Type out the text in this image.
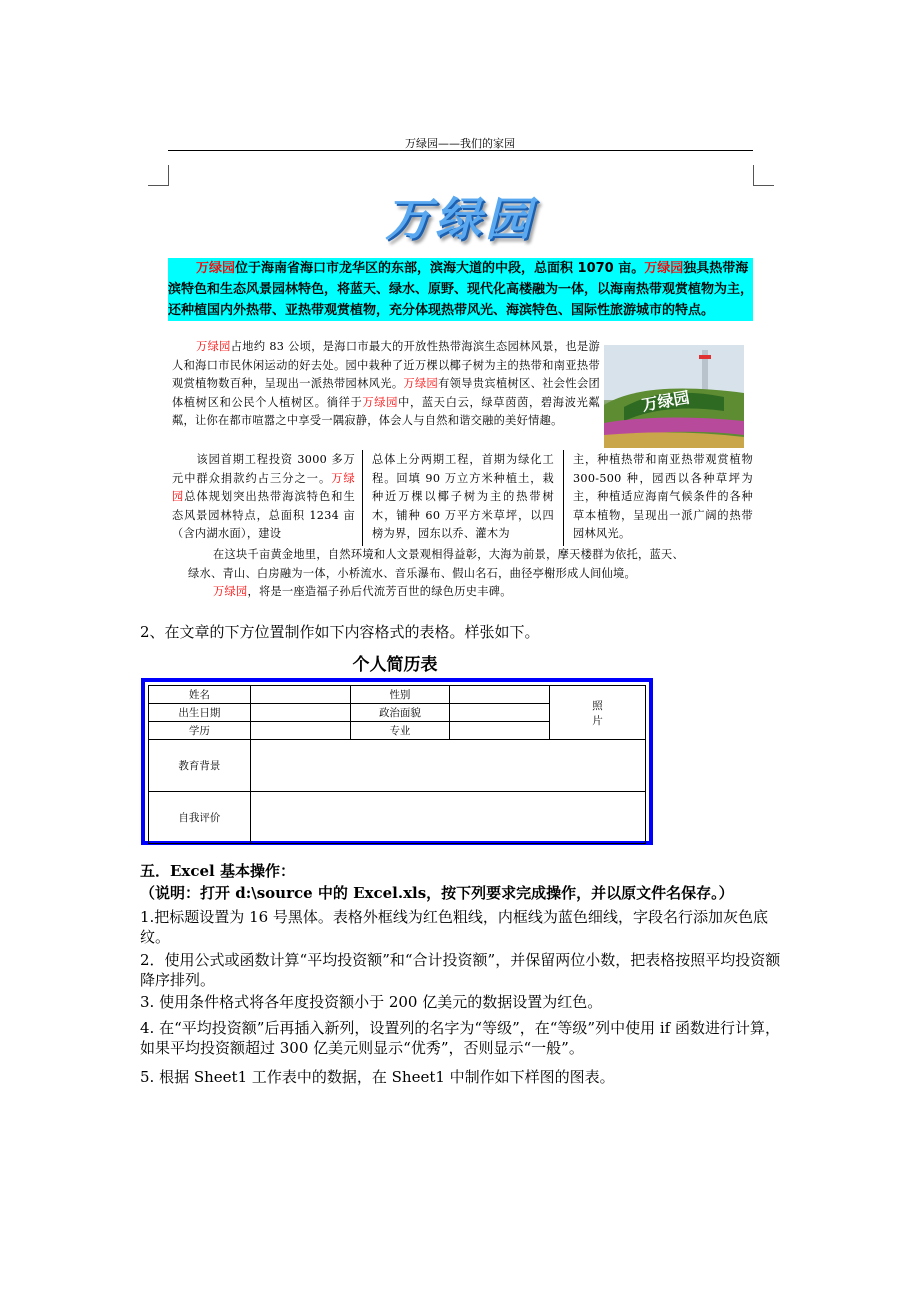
万绿园——我们的家园
万绿园
万绿园位于海南省海口市龙华区的东部，滨海大道的中段，总面积 1070 亩。万绿园独具热带海滨特色和生态风景园林特色，将蓝天、绿水、原野、现代化高楼融为一体，以海南热带观赏植物为主，还种植国内外热带、亚热带观赏植物，充分体现热带风光、海滨特色、国际性旅游城市的特点。
万绿园占地约 83 公顷，是海口市最大的开放性热带海滨生态园林风景，也是游人和海口市民休闲运动的好去处。园中栽种了近万棵以椰子树为主的热带和南亚热带观赏植物数百种，呈现出一派热带园林风光。万绿园有领导贵宾植树区、社会性会团体植树区和公民个人植树区。徜徉于万绿园中，蓝天白云，绿草茵茵，碧海波光粼粼，让你在都市喧嚣之中享受一隅寂静，体会人与自然和谐交融的美好情趣。
万绿园
该园首期工程投资 3000 多万元中群众捐款约占三分之一。万绿园总体规划突出热带海滨特色和生态风景园林特点，总面积 1234 亩（含内湖水面），建设
总体上分两期工程，首期为绿化工程。回填 90 万立方米种植土，栽种近万棵以椰子树为主的热带树木，铺种 60 万平方米草坪，以四榜为界，园东以乔、灌木为
主，种植热带和南亚热带观赏植物 300-500 种，园西以各种草坪为主，种植适应海南气候条件的各种草本植物，呈现出一派广阔的热带园林风光。
在这块千亩黄金地里，自然环境和人文景观相得益彰，大海为前景，摩天楼群为依托，蓝天、
绿水、青山、白房融为一体，小桥流水、音乐瀑布、假山名石，曲径亭榭形成人间仙境。
万绿园，将是一座造福子孙后代流芳百世的绿色历史丰碑。
2、在文章的下方位置制作如下内容格式的表格。样张如下。
个人简历表
姓名		性别		照
片
出生日期		政治面貌		
学历		专业		
教育背景				
自我评价				
五．Excel 基本操作：
（说明：打开 d:\source 中的 Excel.xls，按下列要求完成操作，并以原文件名保存。）
1.把标题设置为 16 号黑体。表格外框线为红色粗线，内框线为蓝色细线，字段名行添加灰色底纹。
2．使用公式或函数计算“平均投资额”和“合计投资额”，并保留两位小数，把表格按照平均投资额降序排列。
3. 使用条件格式将各年度投资额小于 200 亿美元的数据设置为红色。
4. 在“平均投资额”后再插入新列，设置列的名字为“等级”，在“等级”列中使用 if 函数进行计算，如果平均投资额超过 300 亿美元则显示“优秀”，否则显示“一般”。
5. 根据 Sheet1 工作表中的数据，在 Sheet1 中制作如下样图的图表。
